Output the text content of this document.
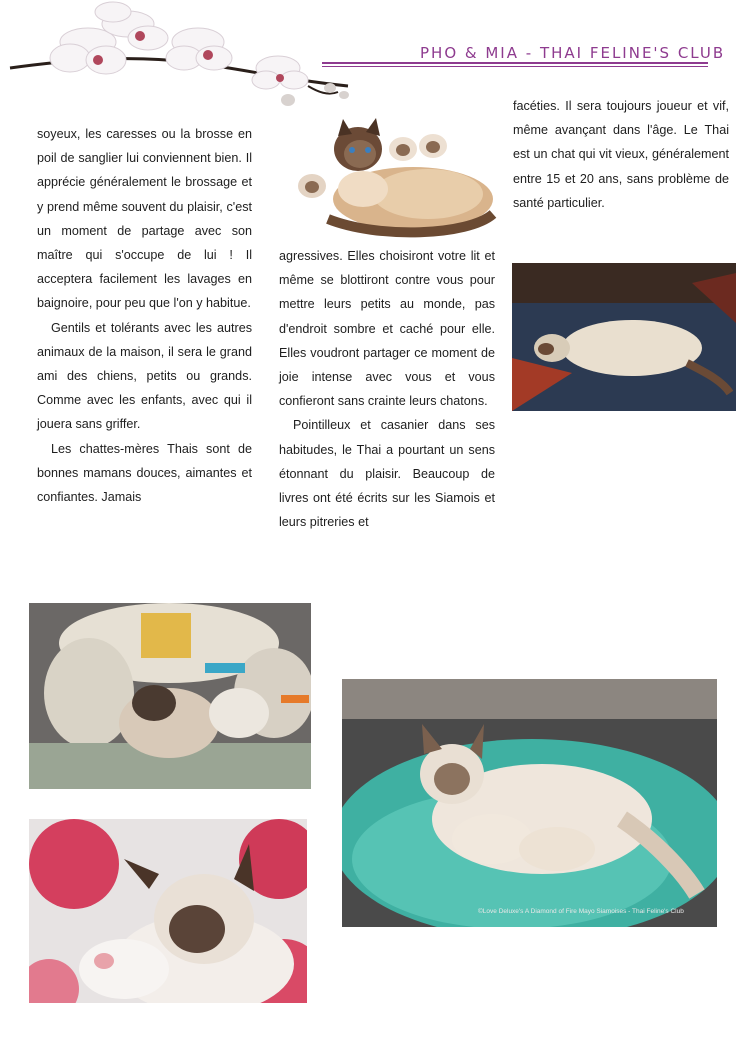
PHO & MIA - THAI FELINE'S CLUB

soyeux, les caresses ou la brosse en poil de sanglier lui conviennent bien. Il apprécie généralement le brossage et y prend même souvent du plaisir, c'est un moment de partage avec son maître qui s'occupe de lui ! Il acceptera facilement les lavages en baignoire, pour peu que l'on y habitue.

Gentils et tolérants avec les autres animaux de la maison, il sera le grand ami des chiens, petits ou grands. Comme avec les enfants, avec qui il jouera sans griffer.

Les chattes-mères Thais sont de bonnes mamans douces, aimantes et confiantes. Jamais

agressives. Elles choisiront votre lit et même se blottiront contre vous pour mettre leurs petits au monde, pas d'endroit sombre et caché pour elle. Elles voudront partager ce moment de joie intense avec vous et vous confieront sans crainte leurs chatons.

Pointilleux et casanier dans ses habitudes, le Thai a pourtant un sens étonnant du plaisir. Beaucoup de livres ont été écrits sur les Siamois et leurs pitreries et

facéties. Il sera toujours joueur et vif, même avançant dans l'âge. Le Thai est un chat qui vit vieux, généralement entre 15 et 20 ans, sans problème de santé particulier.

©Love Deluxe's A Diamond of Fire Mayo Siamoises - Thai Feline's Club
